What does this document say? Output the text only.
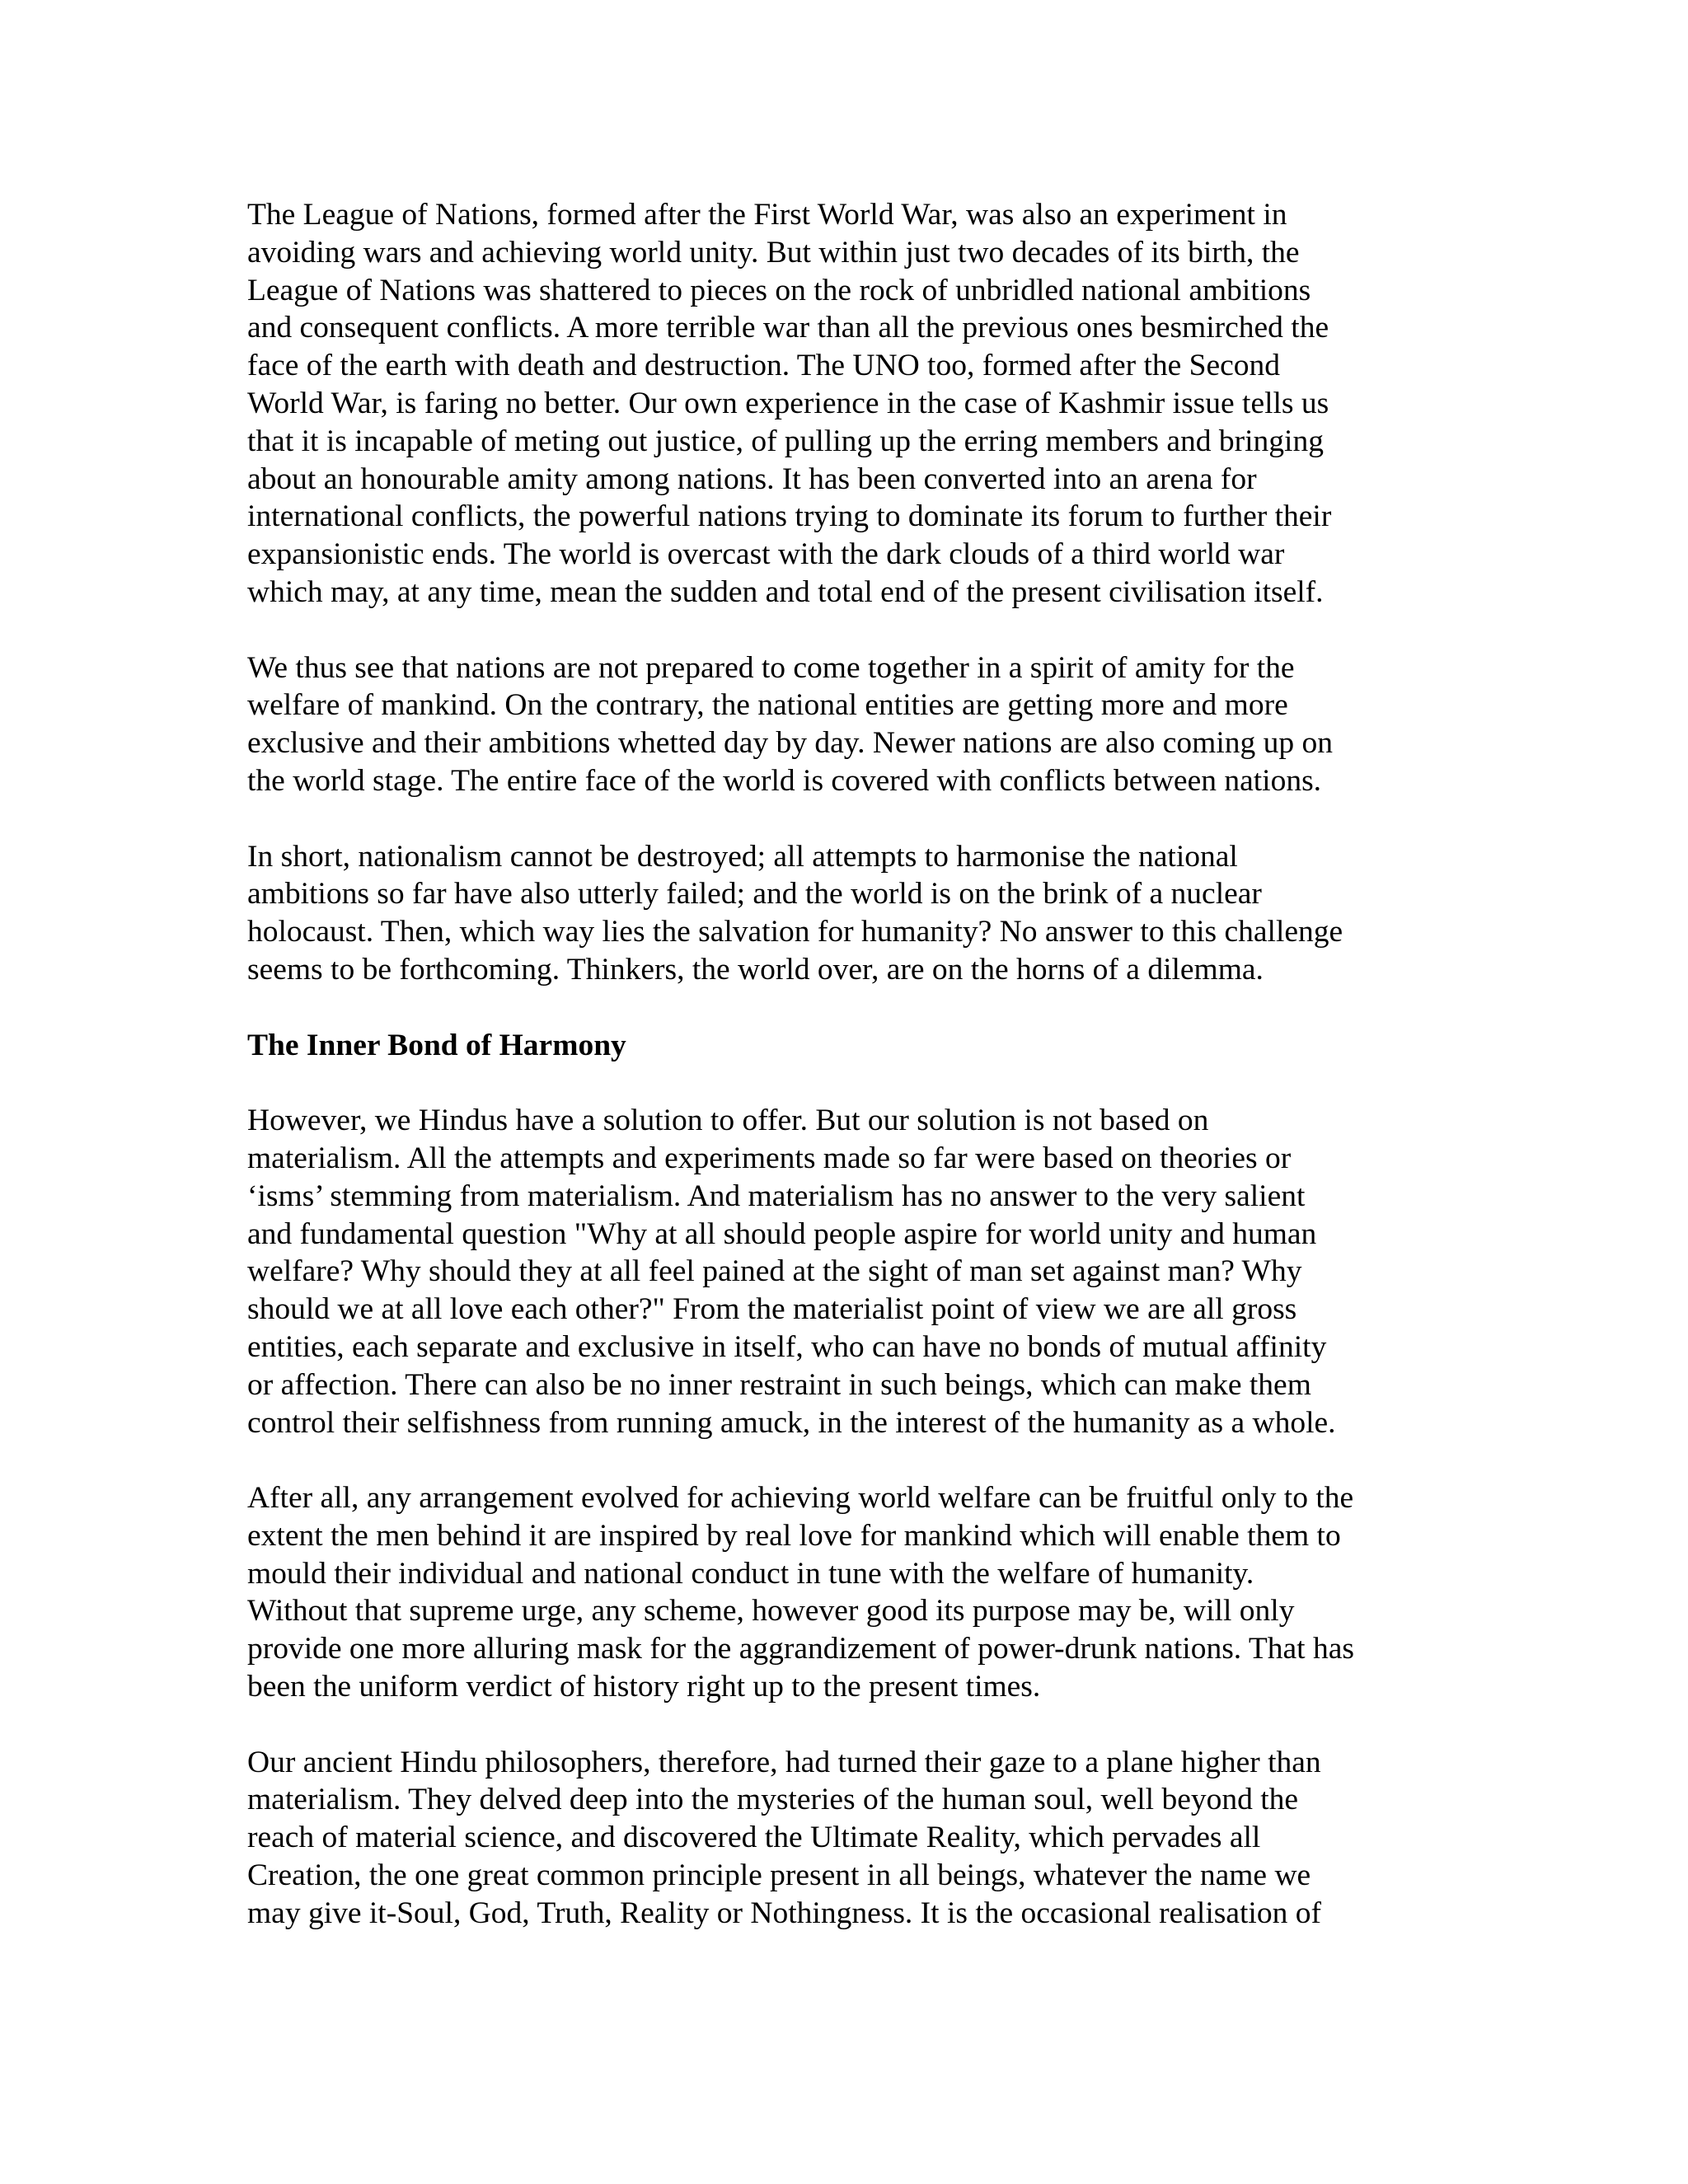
The League of Nations, formed after the First World War, was also an experiment in
avoiding wars and achieving world unity. But within just two decades of its birth, the
League of Nations was shattered to pieces on the rock of unbridled national ambitions
and consequent conflicts. A more terrible war than all the previous ones besmirched the
face of the earth with death and destruction. The UNO too, formed after the Second
World War, is faring no better. Our own experience in the case of Kashmir issue tells us
that it is incapable of meting out justice, of pulling up the erring members and bringing
about an honourable amity among nations. It has been converted into an arena for
international conflicts, the powerful nations trying to dominate its forum to further their
expansionistic ends. The world is overcast with the dark clouds of a third world war
which may, at any time, mean the sudden and total end of the present civilisation itself.
We thus see that nations are not prepared to come together in a spirit of amity for the
welfare of mankind. On the contrary, the national entities are getting more and more
exclusive and their ambitions whetted day by day. Newer nations are also coming up on
the world stage. The entire face of the world is covered with conflicts between nations.
In short, nationalism cannot be destroyed; all attempts to harmonise the national
ambitions so far have also utterly failed; and the world is on the brink of a nuclear
holocaust. Then, which way lies the salvation for humanity? No answer to this challenge
seems to be forthcoming. Thinkers, the world over, are on the horns of a dilemma.
The Inner Bond of Harmony
However, we Hindus have a solution to offer. But our solution is not based on
materialism. All the attempts and experiments made so far were based on theories or
‘isms’ stemming from materialism. And materialism has no answer to the very salient
and fundamental question "Why at all should people aspire for world unity and human
welfare? Why should they at all feel pained at the sight of man set against man? Why
should we at all love each other?" From the materialist point of view we are all gross
entities, each separate and exclusive in itself, who can have no bonds of mutual affinity
or affection. There can also be no inner restraint in such beings, which can make them
control their selfishness from running amuck, in the interest of the humanity as a whole.
After all, any arrangement evolved for achieving world welfare can be fruitful only to the
extent the men behind it are inspired by real love for mankind which will enable them to
mould their individual and national conduct in tune with the welfare of humanity.
Without that supreme urge, any scheme, however good its purpose may be, will only
provide one more alluring mask for the aggrandizement of power-drunk nations. That has
been the uniform verdict of history right up to the present times.
Our ancient Hindu philosophers, therefore, had turned their gaze to a plane higher than
materialism. They delved deep into the mysteries of the human soul, well beyond the
reach of material science, and discovered the Ultimate Reality, which pervades all
Creation, the one great common principle present in all beings, whatever the name we
may give it-Soul, God, Truth, Reality or Nothingness. It is the occasional realisation of
